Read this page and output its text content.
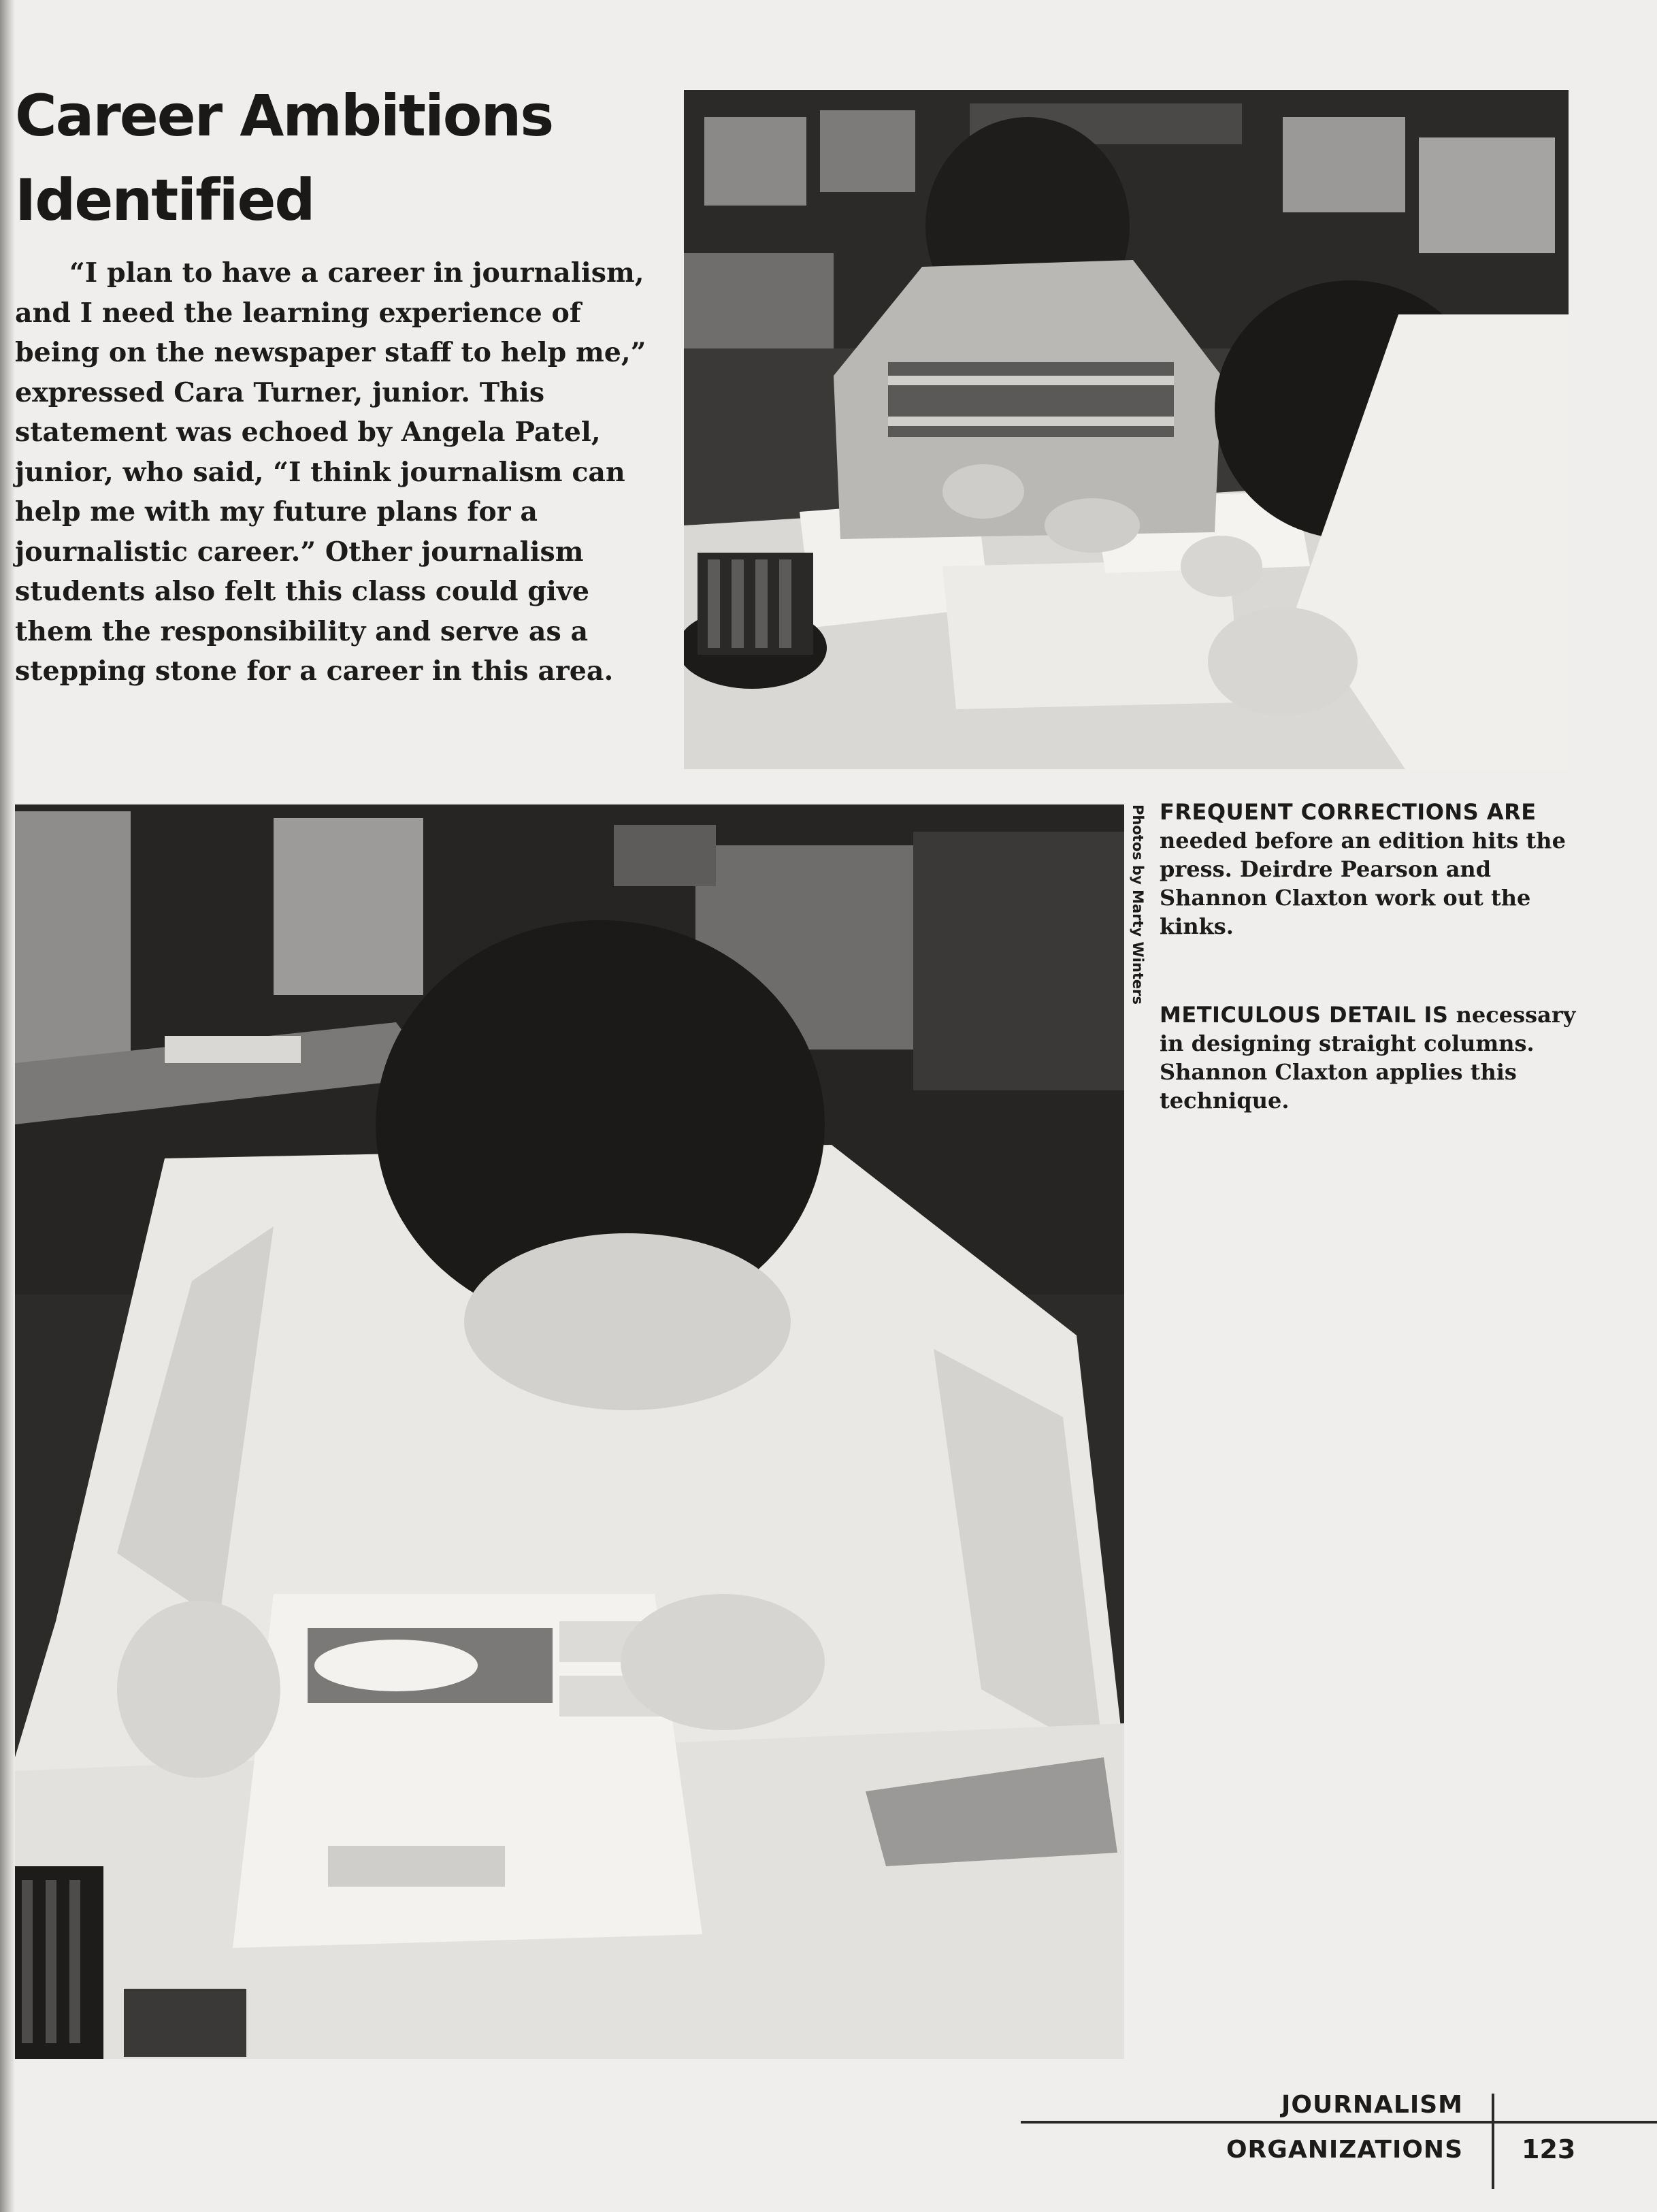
Career Ambitions Identified

“I plan to have a career in journalism, and I need the learning experience of being on the newspaper staff to help me,” expressed Cara Turner, junior. This statement was echoed by Angela Patel, junior, who said, “I think journalism can help me with my future plans for a journalistic career.” Other journalism students also felt this class could give them the responsibility and serve as a stepping stone for a career in this area.

Photos by Marty Winters FREQUENT CORRECTIONS ARE needed before an edition hits the press. Deirdre Pearson and Shannon Claxton work out the kinks.

METICULOUS DETAIL IS necessary in designing straight columns. Shannon Claxton applies this technique.

JOURNALISM
ORGANIZATIONS 123
